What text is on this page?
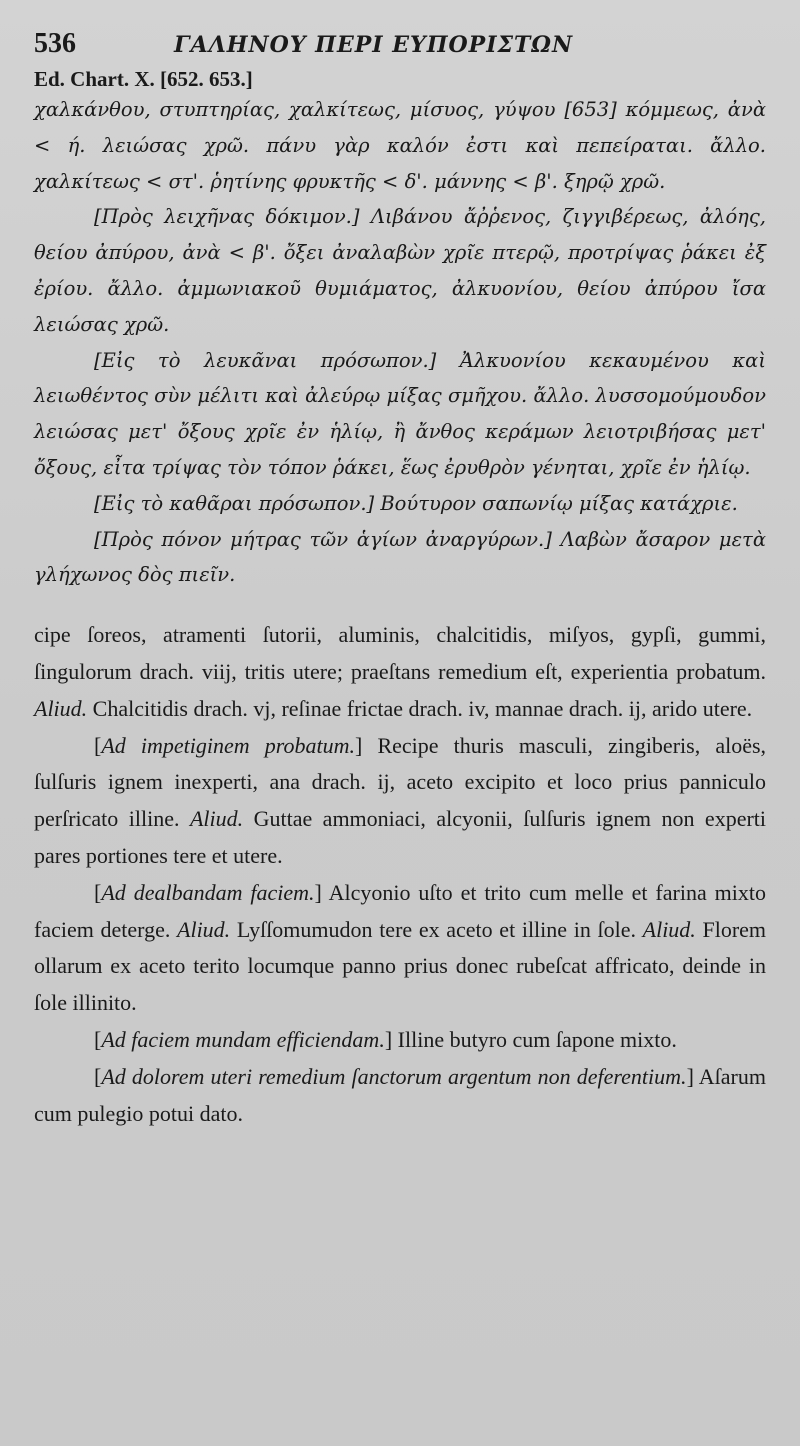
536	ΓΑΛΗΝΟΥ ΠΕΡΙ ΕΥΠΟΡΙΣΤΩΝ
Ed. Chart. X. [652. 653.]

χαλκάνθου, στυπτηρίας, χαλκίτεως, μίσυος, γύψου [653] κόμμεως, ἀνὰ < ή. λειώσας χρῶ. πάνυ γὰρ καλόν ἐστι καὶ πεπείραται. ἄλλο. χαλκίτεως < στ'. ῥητίνης φρυκτῆς < δ'. μάννης < β'. ξηρῷ χρῶ.

[Πρὸς λειχῆνας δόκιμον.] Λιβάνου ἄῤῥενος, ζιγγιβέρεως, ἀλόης, θείου ἀπύρου, ἀνὰ < β'. ὄξει ἀναλαβὼν χρῖε πτερῷ, προτρίψας ῥάκει ἐξ ἐρίου. ἄλλο. ἀμμωνιακοῦ θυμιάματος, ἀλκυονίου, θείου ἀπύρου ἴσα λειώσας χρῶ.

[Εἰς τὸ λευκᾶναι πρόσωπον.] Ἀλκυονίου κεκαυμένου καὶ λειωθέντος σὺν μέλιτι καὶ ἀλεύρῳ μίξας σμῆχου. ἄλλο. λυσσομούμουδον λειώσας μετ' ὄξους χρῖε ἐν ἡλίῳ, ἢ ἄνθος κεράμων λειοτριβήσας μετ' ὄξους, εἶτα τρίψας τὸν τόπον ῥάκει, ἕως ἐρυθρὸν γένηται, χρῖε ἐν ἡλίῳ.

[Εἰς τὸ καθᾶραι πρόσωπον.] Βούτυρον σαπωνίῳ μίξας κατάχριε.

[Πρὸς πόνον μήτρας τῶν ἁγίων ἀναργύρων.] Λαβὼν ἄσαρον μετὰ γλήχωνος δὸς πιεῖν.

cipe ſoreos, atramenti ſutorii, aluminis, chalcitidis, miſyos, gypſi, gummi, ſingulorum drach. viij, tritis utere; praeſtans remedium eſt, experientia probatum. Aliud. Chalcitidis drach. vj, reſinae frictae drach. iv, mannae drach. ij, arido utere.

[Ad impetiginem probatum.] Recipe thuris masculi, zingiberis, aloës, ſulſuris ignem inexperti, ana drach. ij, aceto excipito et loco prius panniculo perſricato illine. Aliud. Guttae ammoniaci, alcyonii, ſulſuris ignem non experti pares portiones tere et utere.

[Ad dealbandam faciem.] Alcyonio uſto et trito cum melle et farina mixto faciem deterge. Aliud. Lyſſomumudon tere ex aceto et illine in ſole. Aliud. Florem ollarum ex aceto terito locumque panno prius donec rubeſcat affricato, deinde in ſole illinito.

[Ad faciem mundam efficiendam.] Illine butyro cum ſapone mixto.

[Ad dolorem uteri remedium ſanctorum argentum non deferentium.] Aſarum cum pulegio potui dato.
